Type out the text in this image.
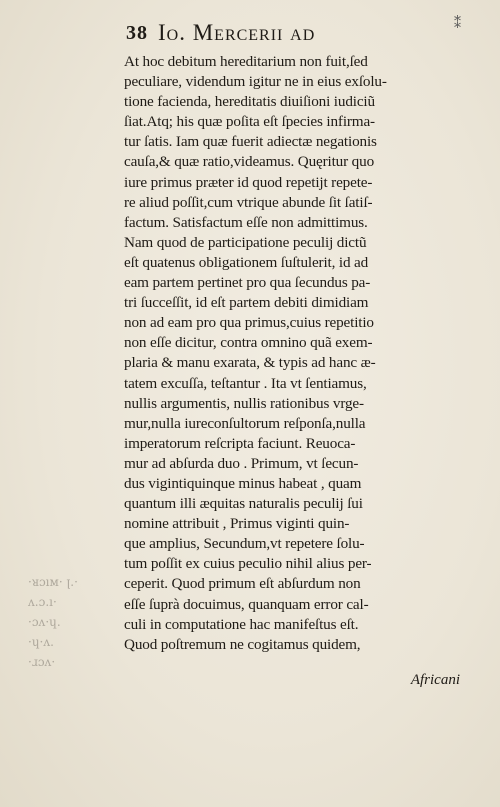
·ᴚɔıᴍ· ꞁ.·
ʌ.ɔ.ı·
·ɔʌ·ɥ.
·ɥ·ʌ.
·ɹɔʌ·
38 Io. Mercerii ad	⁑
At hoc debitum hereditarium non fuit,ſed
peculiare, videndum igitur ne in eius exſolu-
tione facienda, hereditatis diuiſioni iudiciũ
ſiat.Atq; his quæ poſita eſt ſpecies infirma-
tur ſatis. Iam quæ fuerit adiectæ negationis
cauſa,& quæ ratio,videamus. Quęritur quo
iure primus præter id quod repetijt repete-
re aliud poſſit,cum vtrique abunde ſit ſatiſ-
factum. Satisfactum eſſe non admittimus.
Nam quod de participatione peculij dictũ
eſt quatenus obligationem ſuſtulerit, id ad
eam partem pertinet pro qua ſecundus pa-
tri ſucceſſit, id eſt partem debiti dimidiam
non ad eam pro qua primus,cuius repetitio
non eſſe dicitur, contra omnino quã exem-
plaria & manu exarata, & typis ad hanc æ-
tatem excuſſa, teſtantur . Ita vt ſentiamus,
nullis argumentis, nullis rationibus vrge-
mur,nulla iureconſultorum reſponſa,nulla
imperatorum reſcripta faciunt. Reuoca-
mur ad abſurda duo . Primum, vt ſecun-
dus vigintiquinque minus habeat , quam
quantum illi æquitas naturalis peculij ſui
nomine attribuit , Primus viginti quin-
que amplius, Secundum,vt repetere ſolu-
tum poſſit ex cuius peculio nihil alius per-
ceperit. Quod primum eſt abſurdum non
eſſe ſuprà docuimus, quanquam error cal-
culi in computatione hac manifeſtus eſt.
Quod poſtremum ne cogitamus quidem,
Africani
